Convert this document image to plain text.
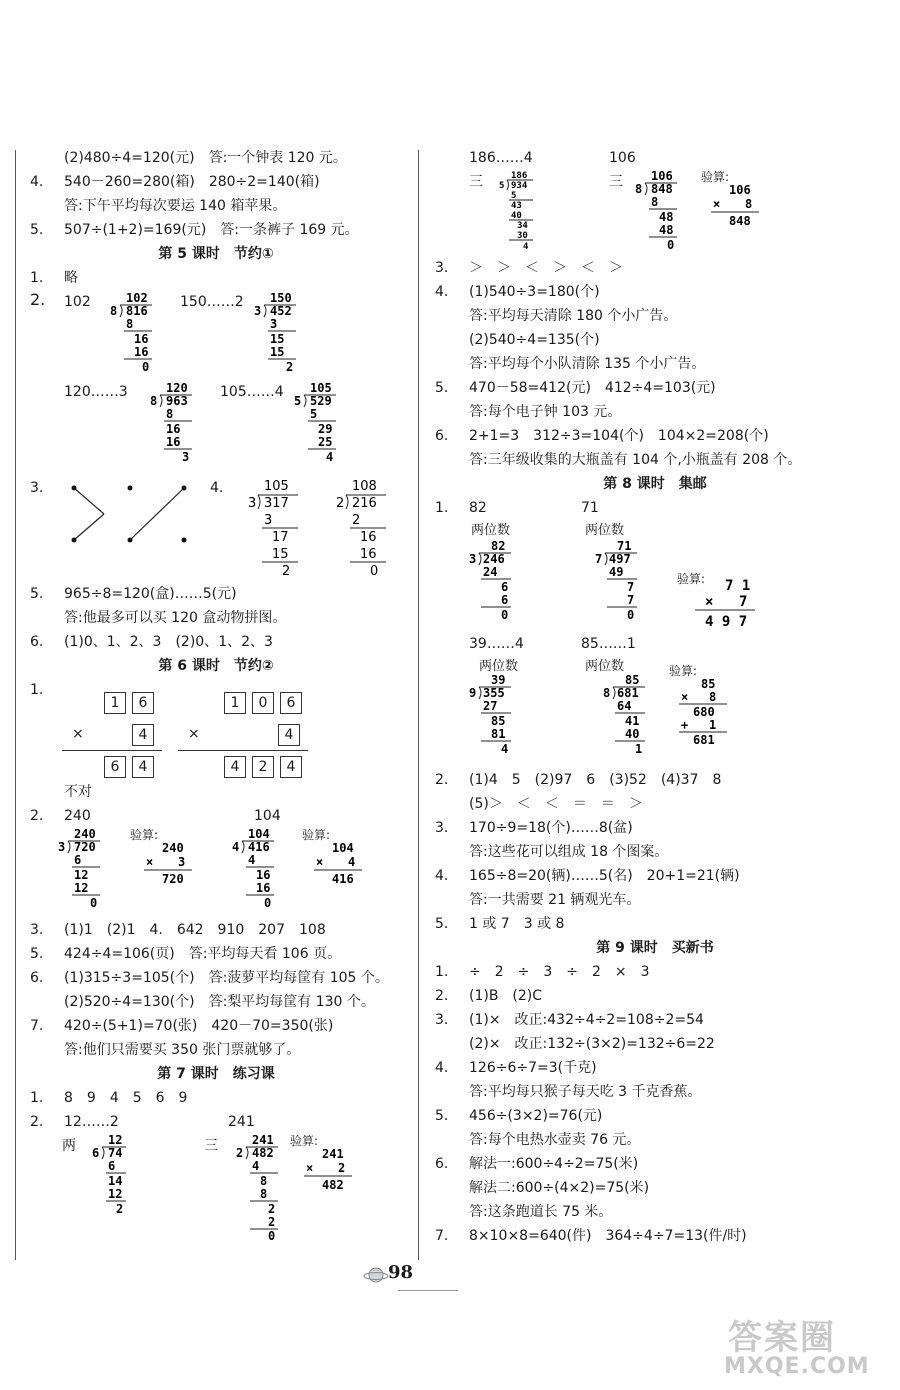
(2)480÷4=120(元)　答:一个钟表 120 元。
4. 540－260=280(箱)　280÷2=140(箱)
答:下午平均每次要运 140 箱苹果。
5. 507÷(1+2)=169(元)　答:一条裤子 169 元。
第 5 课时　节约①
1. 略
2. 102	150……2
102
8 816
8
16
16
0
150
3 452
3
15
15
2
120……3	105……4
120
8 963
8
16
16
3
105
5 529
5
29
25
4
3.	4.	105
3 317
3
17
15
2
108
2 216
2
16
16
0
5. 965÷8=120(盒)……5(元)
答:他最多可以买 120 盒动物拼图。
6. (1)0、1、2、3　(2)0、1、2、3
第 6 课时　节约②
1.
1	6
×	4
6	4
1	0	6
×	4
4	2	4
不对
2. 240	104
240
3 720
6
12
12
0
验算:
240
× 3
720
104
4 416
4
16
16
0
验算:
104
× 4
416
3. (1)1　(2)1　4.　642　910　207　108
5. 424÷4=106(页)　答:平均每天看 106 页。
6. (1)315÷3=105(个)　答:菠萝平均每筐有 105 个。
(2)520÷4=130(个)　答:梨平均每筐有 130 个。
7. 420÷(5+1)=70(张)　420－70=350(张)
答:他们只需要买 350 张门票就够了。
第 7 课时　练习课
1. 8　9　4　5　6　9
2. 12……2	241
两	12
6 74
6
14
12
2
三	241
2 482
4
8
8
2
2
0
验算:
241
× 2
482
186……4	106
三	186
5 934
5
43
40
34
30
4
三 106
8 848
8
48
48
0
验算:
106
× 8
848
3. ＞　＞　＜　＞　＜　＞
4. (1)540÷3=180(个)
答:平均每天清除 180 个小广告。
(2)540÷4=135(个)
答:平均每个小队清除 135 个小广告。
5. 470－58=412(元)　412÷4=103(元)
答:每个电子钟 103 元。
6. 2+1=3　312÷3=104(个)　104×2=208(个)
答:三年级收集的大瓶盖有 104 个,小瓶盖有 208 个。
第 8 课时　集邮
1. 82	71
两位数
82
3 246
24
6
6
0
两位数
71
7 497
49
7
7
0
验算: 7 1
× 7
4 9 7
39……4	85……1
两位数
39
9 355
27
85
81
4
两位数
85
8 681
64
41
40
1
验算:
85
× 8
680
+ 1
681
2. (1)4　5　(2)97　6　(3)52　(4)37　8
(5)＞　＜　＜　＝　＝　＞
3. 170÷9=18(个)……8(盆)
答:这些花可以组成 18 个图案。
4. 165÷8=20(辆)……5(名)　20+1=21(辆)
答:一共需要 21 辆观光车。
5. 1 或 7　3 或 8
第 9 课时　买新书
1. ÷　2　÷　3　÷　2　×　3
2. (1)B　(2)C
3. (1)×　改正:432÷4÷2=108÷2=54
(2)×　改正:132÷(3×2)=132÷6=22
4. 126÷6÷7=3(千克)
答:平均每只猴子每天吃 3 千克香蕉。
5. 456÷(3×2)=76(元)
答:每个电热水壶卖 76 元。
6. 解法一:600÷4÷2=75(米)
解法二:600÷(4×2)=75(米)
答:这条跑道长 75 米。
7. 8×10×8=640(件)　364÷4÷7=13(件/时)
98
答案圈
MXQE.COM
